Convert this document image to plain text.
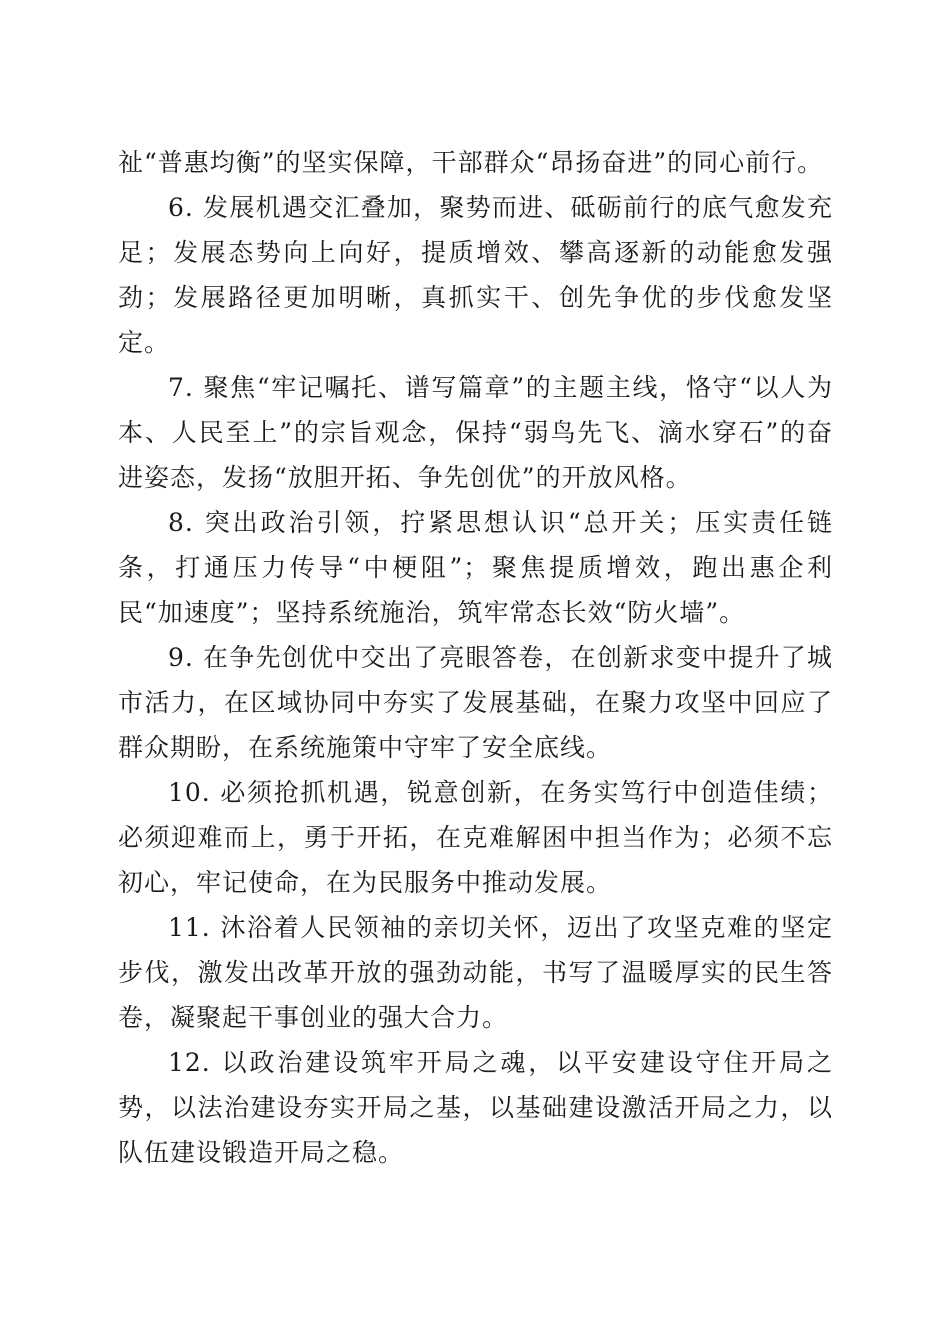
祉“普惠均衡”的坚实保障，干部群众“昂扬奋进”的同心前行。

6. 发展机遇交汇叠加，聚势而进、砥砺前行的底气愈发充足；发展态势向上向好，提质增效、攀高逐新的动能愈发强劲；发展路径更加明晰，真抓实干、创先争优的步伐愈发坚定。

7. 聚焦“牢记嘱托、谱写篇章”的主题主线，恪守“以人为本、人民至上”的宗旨观念，保持“弱鸟先飞、滴水穿石”的奋进姿态，发扬“放胆开拓、争先创优”的开放风格。

8. 突出政治引领，拧紧思想认识“总开关；压实责任链条，打通压力传导“中梗阻”；聚焦提质增效，跑出惠企利民“加速度”；坚持系统施治，筑牢常态长效“防火墙”。

9. 在争先创优中交出了亮眼答卷，在创新求变中提升了城市活力，在区域协同中夯实了发展基础，在聚力攻坚中回应了群众期盼，在系统施策中守牢了安全底线。

10. 必须抢抓机遇，锐意创新，在务实笃行中创造佳绩；必须迎难而上，勇于开拓，在克难解困中担当作为；必须不忘初心，牢记使命，在为民服务中推动发展。

11. 沐浴着人民领袖的亲切关怀，迈出了攻坚克难的坚定步伐，激发出改革开放的强劲动能，书写了温暖厚实的民生答卷，凝聚起干事创业的强大合力。

12. 以政治建设筑牢开局之魂，以平安建设守住开局之势，以法治建设夯实开局之基，以基础建设激活开局之力，以队伍建设锻造开局之稳。
